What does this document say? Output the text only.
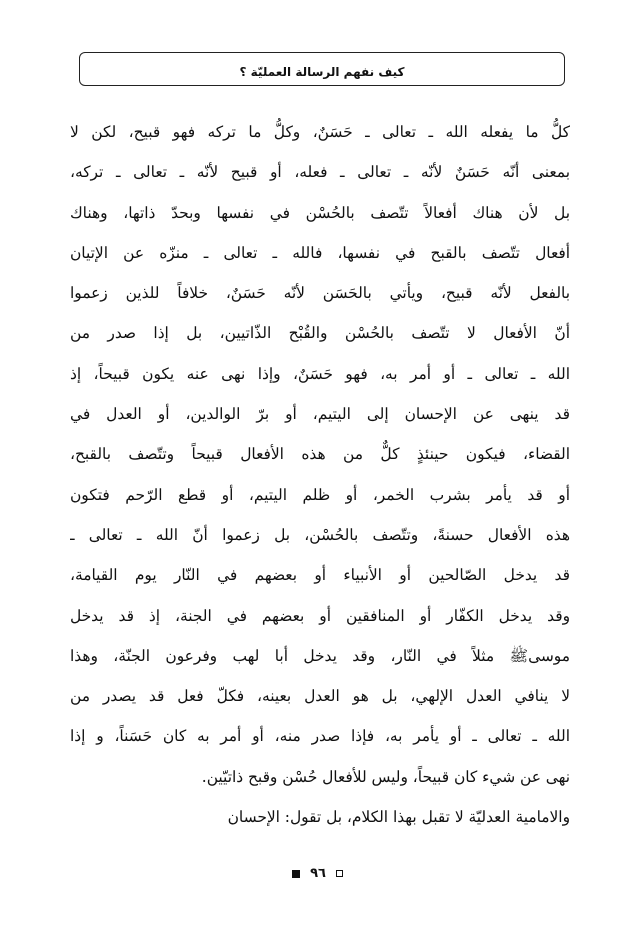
كيف نفهم الرسالة العمليّة ؟
كلُّ ما يفعله الله ـ تعالى ـ حَسَنٌ، وكلُّ ما تركه فهو قبيح، لكن لا
بمعنى أنّه حَسَنٌ لأنّه ـ تعالى ـ فعله، أو قبيح لأنّه ـ تعالى ـ تركه،
بل لأن هناك أفعالاً تتّصف بالحُسْن في نفسها وبحدّ ذاتها، وهناك
أفعال تتّصف بالقبح في نفسها، فالله ـ تعالى ـ منزّه عن الإتيان
بالفعل لأنّه قبيح، ويأتي بالحَسَن لأنّه حَسَنٌ، خلافاً للذين زعموا
أنّ الأفعال لا تتّصف بالحُسْن والقُبْح الذّاتيين، بل إذا صدر من
الله ـ تعالى ـ أو أمر به، فهو حَسَنٌ، وإذا نهى عنه يكون قبيحاً، إذ
قد ينهى عن الإحسان إلى اليتيم، أو برّ الوالدين، أو العدل في
القضاء، فيكون حينئذٍ كلٌّ من هذه الأفعال قبيحاً وتتّصف بالقبح،
أو قد يأمر بشرب الخمر، أو ظلم اليتيم، أو قطع الرّحم فتكون
هذه الأفعال حسنةً، وتتّصف بالحُسْن، بل زعموا أنّ الله ـ تعالى ـ
قد يدخل الصّالحين أو الأنبياء أو بعضهم في النّار يوم القيامة،
وقد يدخل الكفّار أو المنافقين أو بعضهم في الجنة، إذ قد يدخل
موسىﷺ مثلاً في النّار، وقد يدخل أبا لهب وفرعون الجنّة، وهذا
لا ينافي العدل الإلهي، بل هو العدل بعينه، فكلّ فعل قد يصدر من
الله ـ تعالى ـ أو يأمر به، فإذا صدر منه، أو أمر به كان حَسَناً، و إذا
نهى عن شيء كان قبيحاً، وليس للأفعال حُسْن وقبح ذاتيّين.
والامامية العدليّة لا تقبل بهذا الكلام، بل تقول: الإحسان
٩٦
